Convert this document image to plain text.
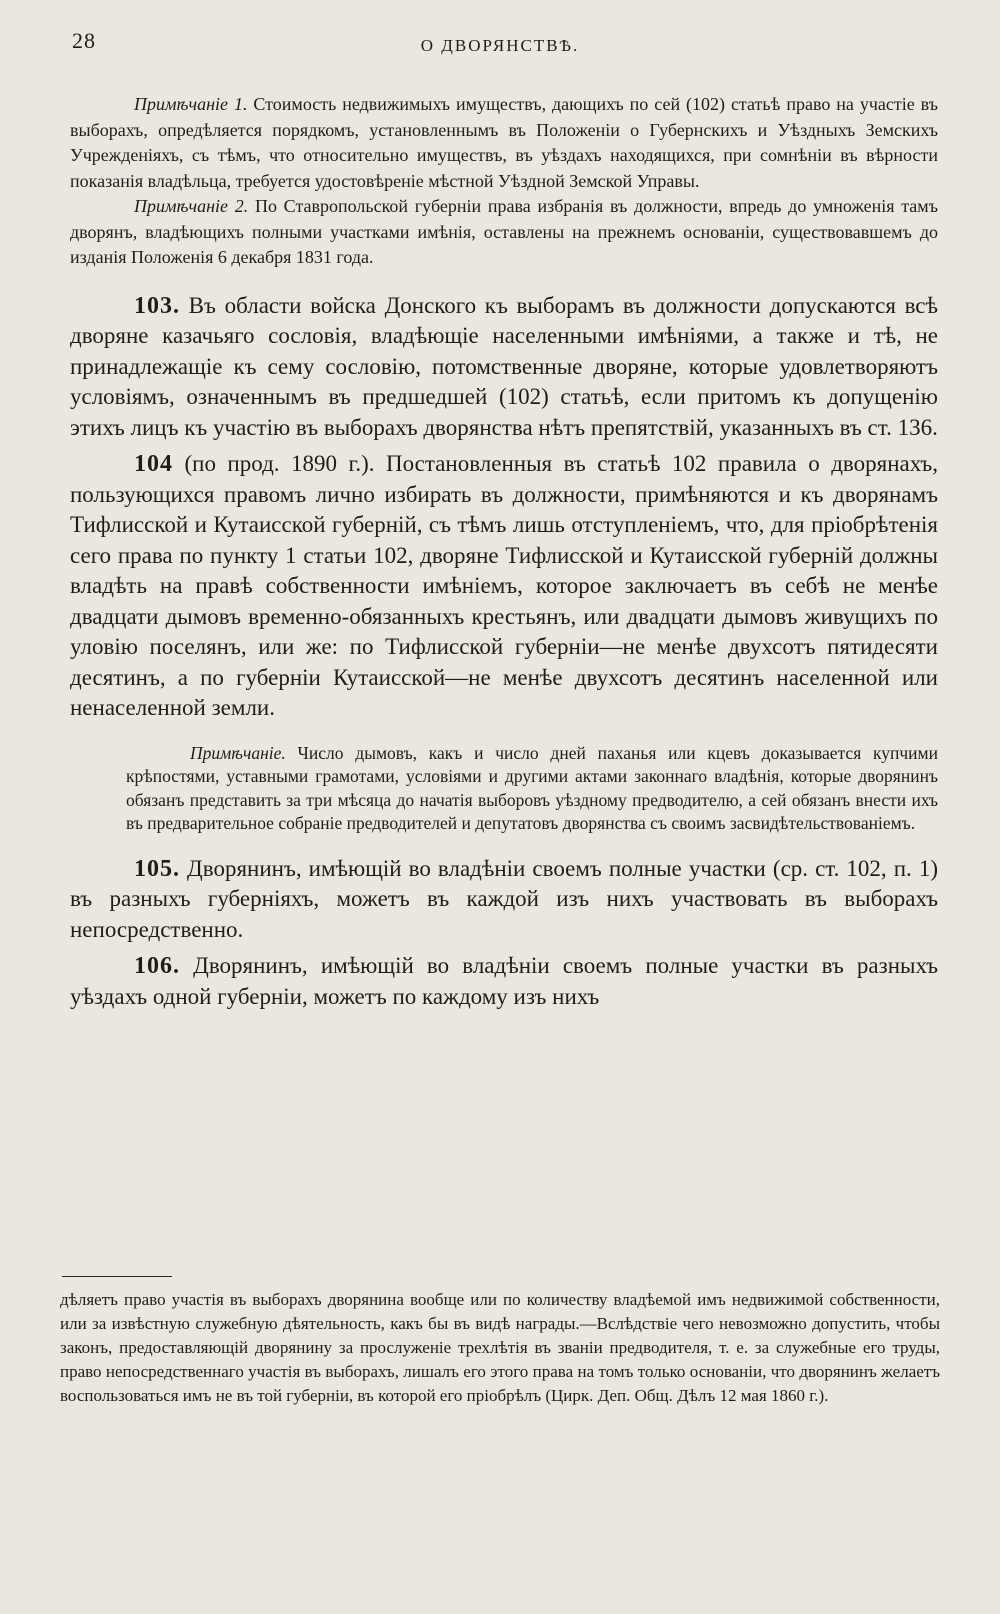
28	О ДВОРЯНСТВѢ.

Примѣчаніе 1. Стоимость недвижимыхъ имуществъ, дающихъ по сей (102) статьѣ право на участіе въ выборахъ, опредѣляется порядкомъ, установленнымъ въ Положеніи о Губернскихъ и Уѣздныхъ Земскихъ Учрежденіяхъ, съ тѣмъ, что относительно имуществъ, въ уѣздахъ находящихся, при сомнѣніи въ вѣрности показанія владѣльца, требуется удостовѣреніе мѣстной Уѣздной Земской Управы.

Примѣчаніе 2. По Ставропольской губерніи права избранія въ должности, впредь до умноженія тамъ дворянъ, владѣющихъ полными участками имѣнія, оставлены на прежнемъ основаніи, существовавшемъ до изданія Положенія 6 декабря 1831 года.

103. Въ области войска Донского къ выборамъ въ должности допускаются всѣ дворяне казачьяго сословія, владѣющіе населенными имѣніями, а также и тѣ, не принадлежащіе къ сему сословію, потомственные дворяне, которые удовлетворяютъ условіямъ, означеннымъ въ предшедшей (102) статьѣ, если притомъ къ допущенію этихъ лицъ къ участію въ выборахъ дворянства нѣтъ препятствій, указанныхъ въ ст. 136.

104 (по прод. 1890 г.). Постановленныя въ статьѣ 102 правила о дворянахъ, пользующихся правомъ лично избирать въ должности, примѣняются и къ дворянамъ Тифлисской и Кутаисской губерній, съ тѣмъ лишь отступленіемъ, что, для пріобрѣтенія сего права по пункту 1 статьи 102, дворяне Тифлисской и Кутаисской губерній должны владѣть на правѣ собственности имѣніемъ, которое заключаетъ въ себѣ не менѣе двадцати дымовъ временно-обязанныхъ крестьянъ, или двадцати дымовъ живущихъ по уловію поселянъ, или же: по Тифлисской губерніи—не менѣе двухсотъ пятидесяти десятинъ, а по губерніи Кутаисской—не менѣе двухсотъ десятинъ населенной или ненаселенной земли.

Примѣчаніе. Число дымовъ, какъ и число дней паханья или кцевъ доказывается купчими крѣпостями, уставными грамотами, условіями и другими актами законнаго владѣнія, которые дворянинъ обязанъ представить за три мѣсяца до начатія выборовъ уѣздному предводителю, а сей обязанъ внести ихъ въ предварительное собраніе предводителей и депутатовъ дворянства съ своимъ засвидѣтельствованіемъ.

105. Дворянинъ, имѣющій во владѣніи своемъ полные участки (ср. ст. 102, п. 1) въ разныхъ губерніяхъ, можетъ въ каждой изъ нихъ участвовать въ выборахъ непосредственно.

106. Дворянинъ, имѣющій во владѣніи своемъ полные участки въ разныхъ уѣздахъ одной губерніи, можетъ по каждому изъ нихъ

дѣляетъ право участія въ выборахъ дворянина вообще или по количеству владѣемой имъ недвижимой собственности, или за извѣстную служебную дѣятельность, какъ бы въ видѣ награды.—Вслѣдствіе чего невозможно допустить, чтобы законъ, предоставляющій дворянину за прослуженіе трехлѣтія въ званіи предводителя, т. е. за служебные его труды, право непосредственнаго участія въ выборахъ, лишалъ его этого права на томъ только основаніи, что дворянинъ желаетъ воспользоваться имъ не въ той губерніи, въ которой его пріобрѣлъ (Цирк. Деп. Общ. Дѣлъ 12 мая 1860 г.).
